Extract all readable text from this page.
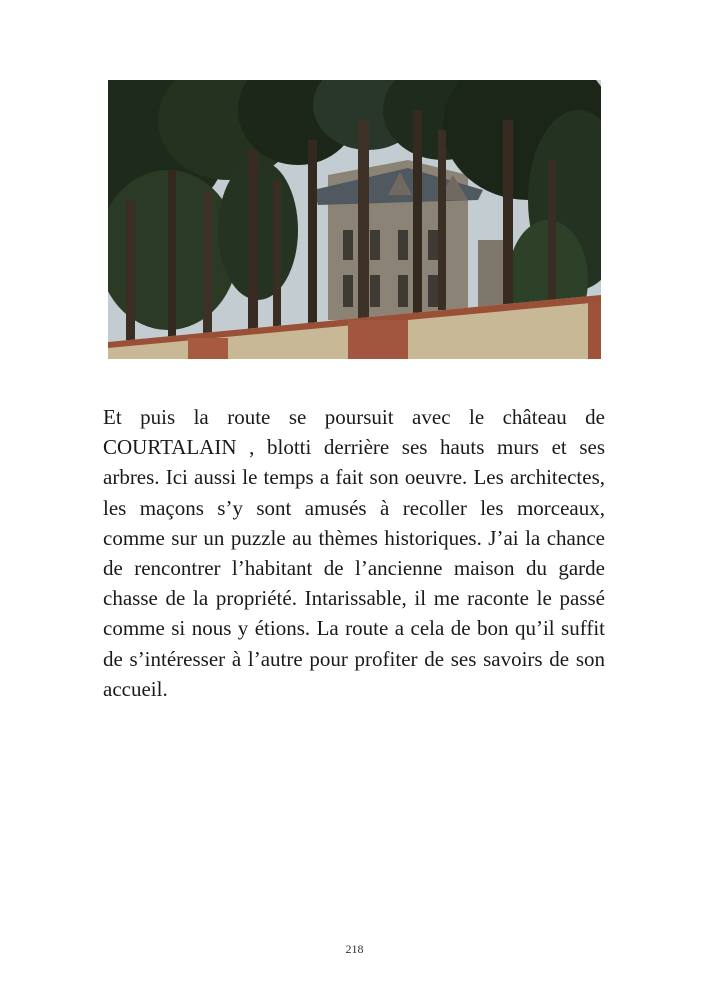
Et puis la route se poursuit avec le château de COURTALAIN , blotti derrière ses hauts murs et ses arbres. Ici aussi le temps a fait son oeuvre. Les architectes, les maçons s’y sont amusés à recoller les morceaux, comme sur un puzzle au thèmes historiques. J’ai la chance de rencontrer l’habitant de l’ancienne maison du garde chasse de la propriété. Intarissable, il me raconte le passé comme si nous y étions. La route a cela de bon qu’il suffit de s’intéresser à l’autre pour profiter de ses savoirs de son accueil.

218
